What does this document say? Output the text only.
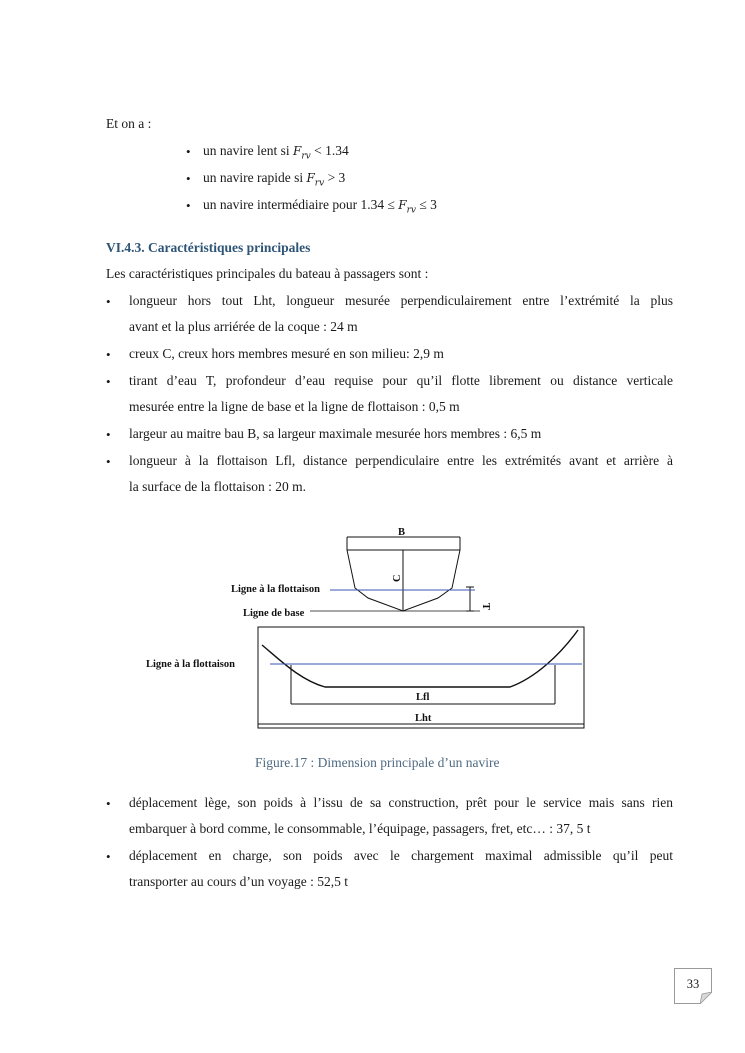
Et on a :
• un navire lent si $F_{rv} < 1.34$
• un navire rapide si $F_{rv} > 3$
• un navire intermédiaire pour $1.34 \le F_{rv} \le 3$
VI.4.3. Caractéristiques principales
Les caractéristiques principales du bateau à passagers sont :
• longueur hors tout Lht, longueur mesurée perpendiculairement entre l’extrémité la plus
avant et la plus arriérée de la coque : 24 m
• creux C, creux hors membres mesuré en son milieu: 2,9 m
• tirant d’eau T, profondeur d’eau requise pour qu’il flotte librement ou distance verticale
mesurée entre la ligne de base et la ligne de flottaison : 0,5 m
• largeur au maitre bau B, sa largeur maximale mesurée hors membres : 6,5 m
• longueur à la flottaison Lfl, distance perpendiculaire entre les extrémités avant et arrière à
la surface de la flottaison : 20 m.
B
C
T
Ligne à la flottaison
Ligne de base
Ligne à la flottaison
Lfl
Lht
Figure.17 : Dimension principale d’un navire
• déplacement lège, son poids à l’issu de sa construction, prêt pour le service mais sans rien
embarquer à bord comme, le consommable, l’équipage, passagers, fret, etc… : 37, 5 t
• déplacement en charge, son poids avec le chargement maximal admissible qu’il peut
transporter au cours d’un voyage : 52,5 t
33
